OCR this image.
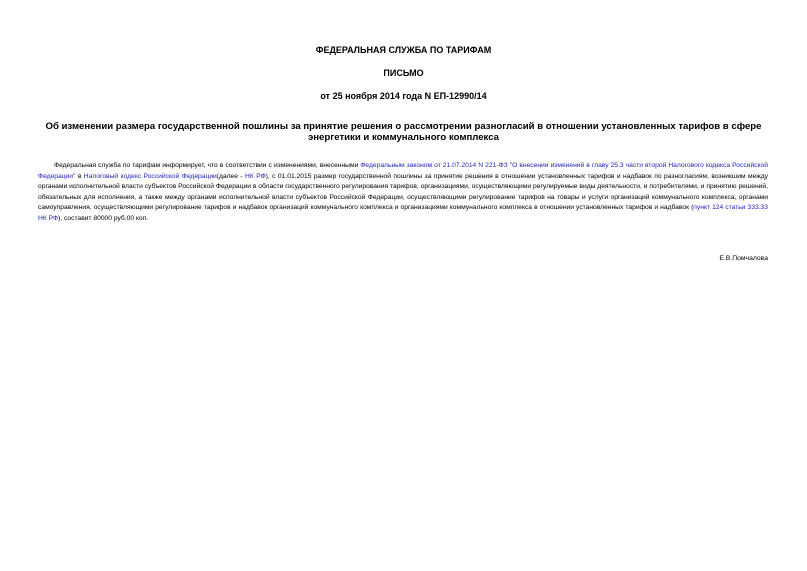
ФЕДЕРАЛЬНАЯ СЛУЖБА ПО ТАРИФАМ
ПИСЬМО
от 25 ноября 2014 года N ЕП-12990/14
Об изменении размера государственной пошлины за принятие решения о рассмотрении разногласий в отношении установленных тарифов в сфере энергетики и коммунального комплекса
Федеральная служба по тарифам информирует, что в соответствии с изменениями, внесенными Федеральным законом от 21.07.2014 N 221-ФЗ "О внесении изменений в главу 25.3 части второй Налогового кодекса Российской Федерации" в Налоговый кодекс Российской Федерации(далее - НК РФ), с 01.01.2015 размер государственной пошлины за принятие решения в отношении установленных тарифов и надбавок по разногласиям, возникшим между органами исполнительной власти субъектов Российской Федерации в области государственного регулирования тарифов, организациями, осуществляющими регулируемые виды деятельности, и потребителями, и принятию решений, обязательных для исполнения, а также между органами исполнительной власти субъектов Российской Федерации, осуществляющими регулирование тарифов на товары и услуги организаций коммунального комплекса, органами самоуправления, осуществляющими регулирование тарифов и надбавок организаций коммунального комплекса и организациями коммунального комплекса в отношении установленных тарифов и надбавок (пункт 124 статьи 333.33 НК РФ), составит 80000 руб.00 коп.
Е.В.Помчалова
